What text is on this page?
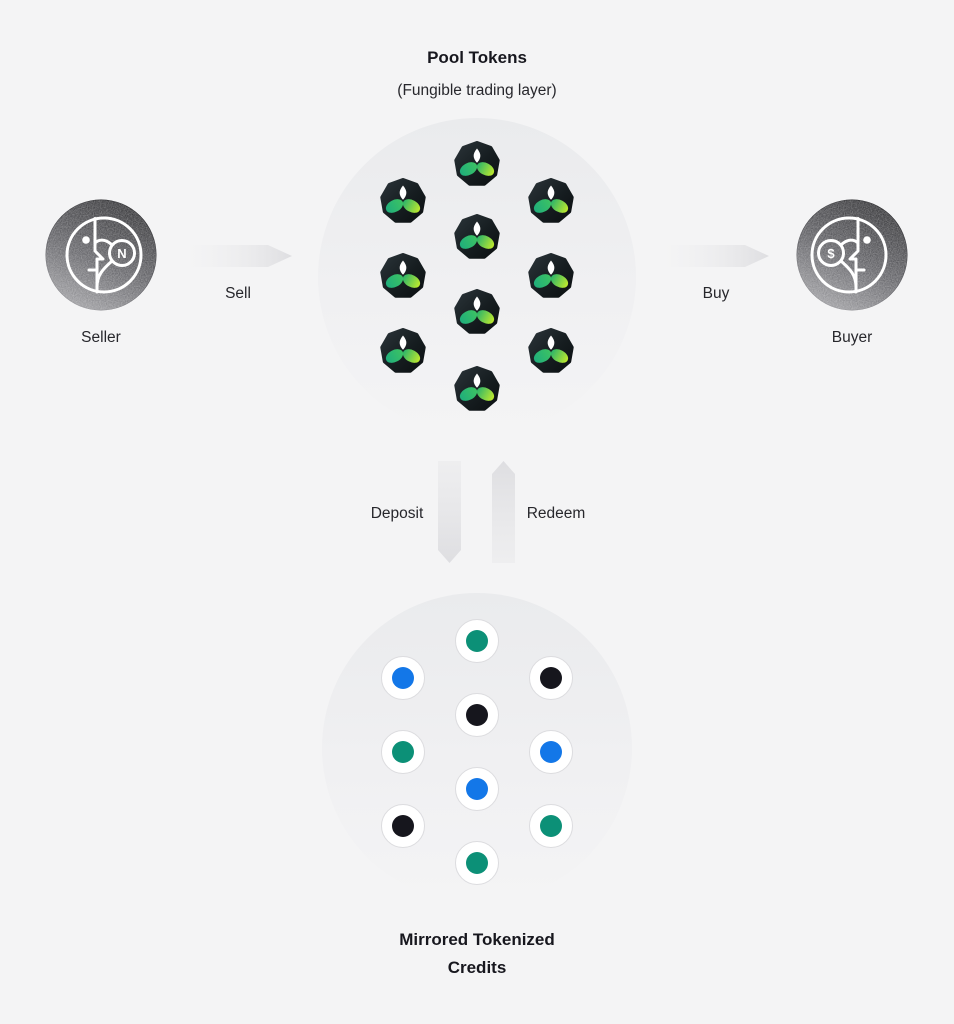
Pool Tokens
(Fungible trading layer)
N
Seller
Sell	Buy
$
Buyer
Deposit	Redeem
Mirrored Tokenized
Credits
